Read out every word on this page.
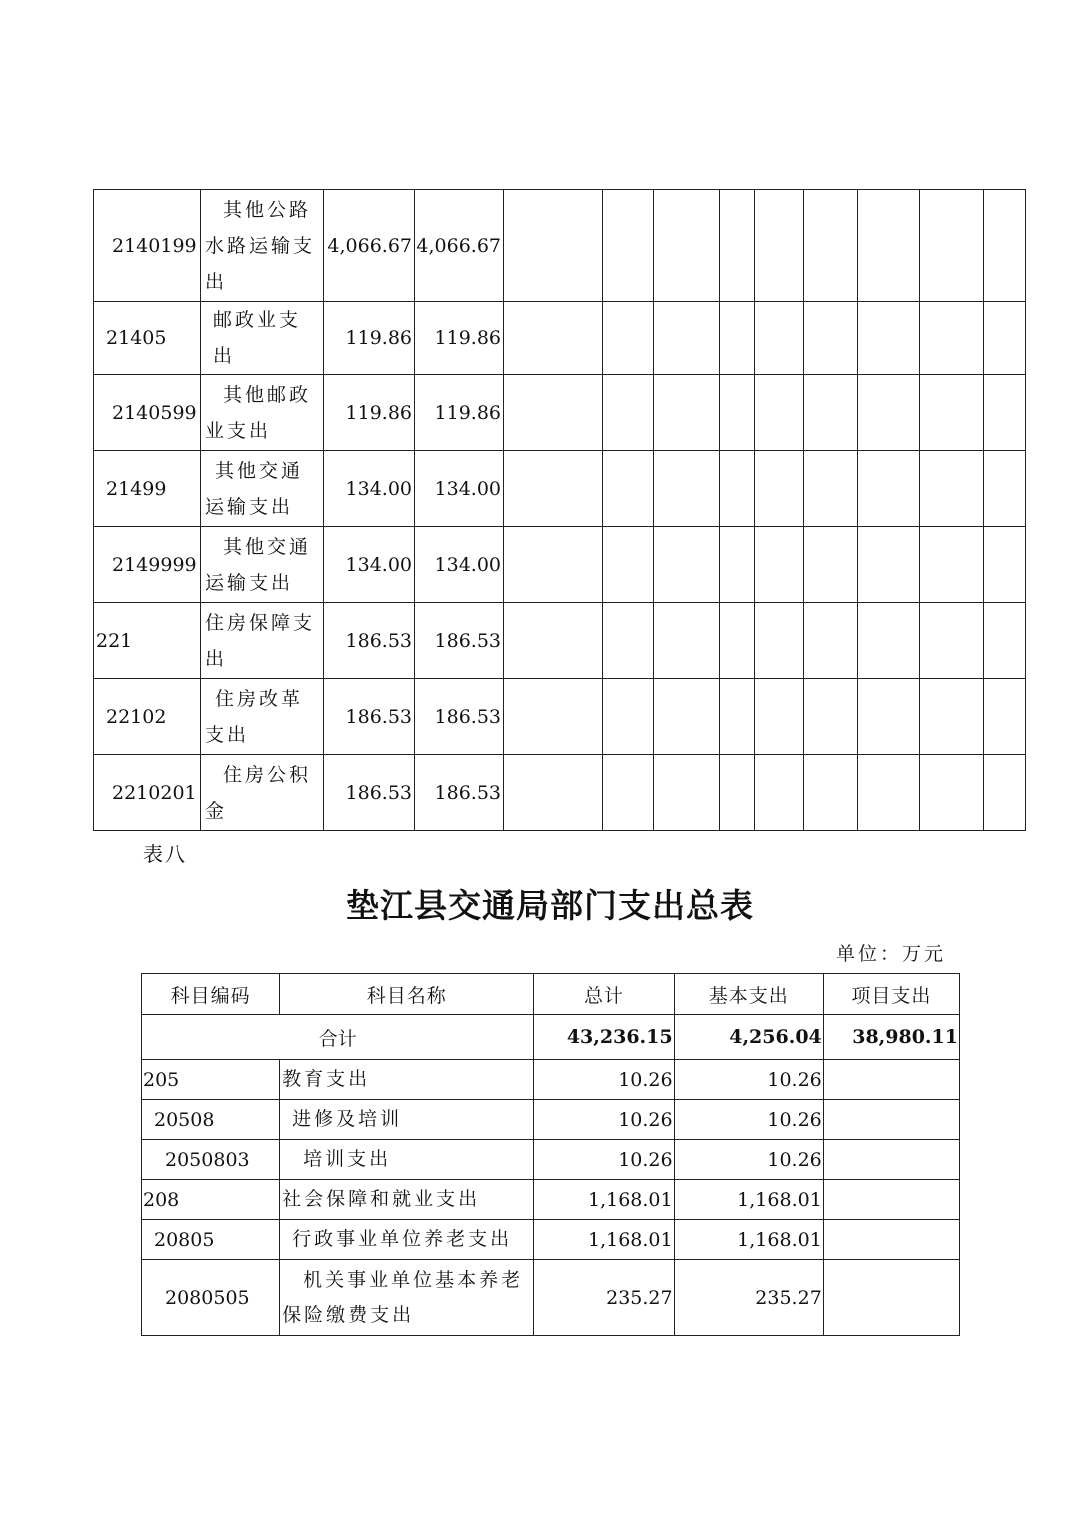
2140199	其他公路水路运输支出	4,066.67	4,066.67									
21405	邮政业支出	119.86	119.86									
2140599	其他邮政业支出	119.86	119.86									
21499	其他交通运输支出	134.00	134.00									
2149999	其他交通运输支出	134.00	134.00									
221	住房保障支出	186.53	186.53									
22102	住房改革支出	186.53	186.53									
2210201	住房公积金	186.53	186.53									
表八
垫江县交通局部门支出总表
单位：万元
科目编码	科目名称	总计	基本支出	项目支出
合计		43,236.15	4,256.04	38,980.11
205	教育支出	10.26	10.26	
20508	进修及培训	10.26	10.26	
2050803	培训支出	10.26	10.26	
208	社会保障和就业支出	1,168.01	1,168.01	
20805	行政事业单位养老支出	1,168.01	1,168.01	
2080505	机关事业单位基本养老保险缴费支出	235.27	235.27	
